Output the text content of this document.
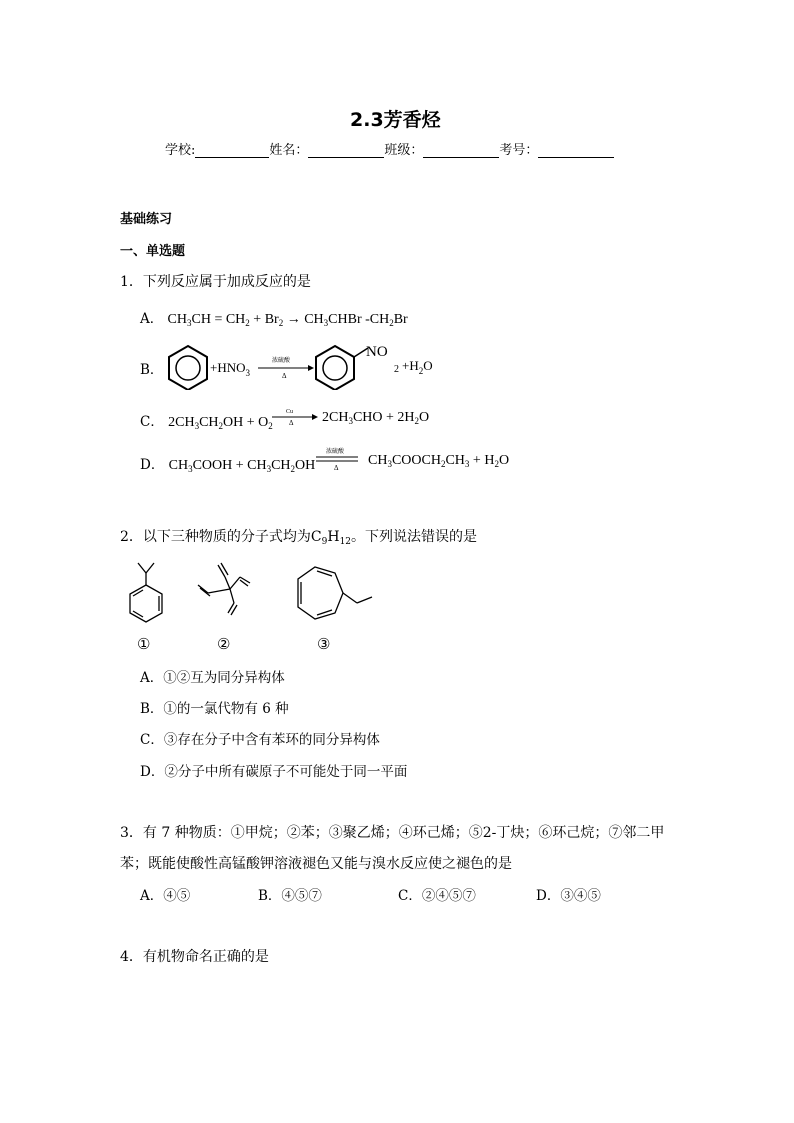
2.3芳香烃
学校:	姓名：	班级：	考号：
基础练习
一、单选题
1．下列反应属于加成反应的是
A． $CH_3CH = CH_2 + Br_2$ → $CH_3CHBr$ $-CH_2Br$
B．	$+HNO_3$
浓硫酸
Δ
NO
$2 +H_2O$
C． $2CH_3CH_2OH + O_2$
Cu
Δ $2CH_3CHO + 2H_2O$
D． $CH_3COOH + CH_3CH_2OH$
浓硫酸
Δ $CH_3COOCH_2CH_3 + H_2O$
2．以下三种物质的分子式均为$C_9H_{12}$。下列说法错误的是
①	②	③
A．①②互为同分异构体
B．①的一氯代物有 6 种
C．③存在分子中含有苯环的同分异构体
D．②分子中所有碳原子不可能处于同一平面
3．有 7 种物质：①甲烷；②苯；③聚乙烯；④环己烯；⑤2-丁炔；⑥环己烷；⑦邻二甲
苯；既能使酸性高锰酸钾溶液褪色又能与溴水反应使之褪色的是
A．④⑤	B．④⑤⑦	C．②④⑤⑦	D．③④⑤
4．有机物命名正确的是
